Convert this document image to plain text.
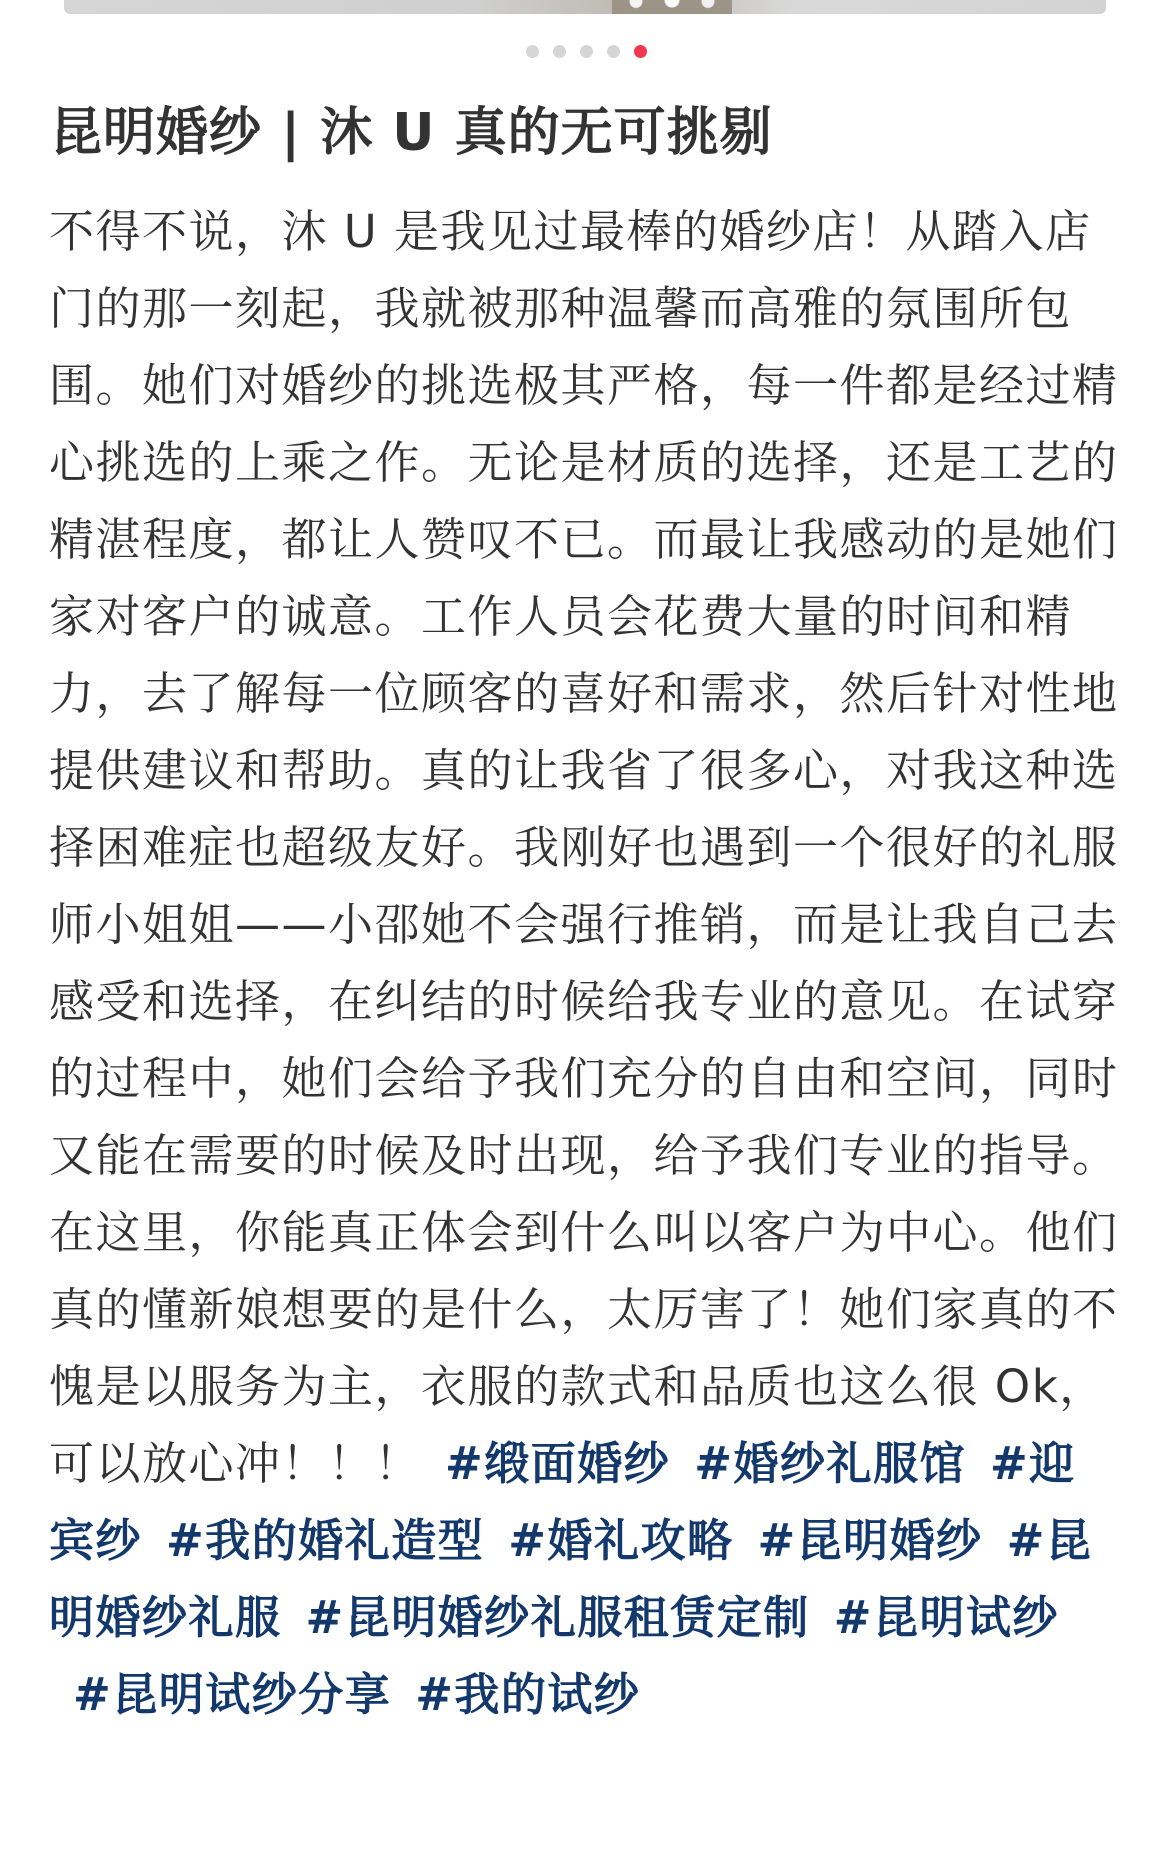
昆明婚纱 | 沐 U 真的无可挑剔

不得不说，沐 U 是我见过最棒的婚纱店！从踏入店门的那一刻起，我就被那种温馨而高雅的氛围所包围。她们对婚纱的挑选极其严格，每一件都是经过精心挑选的上乘之作。无论是材质的选择，还是工艺的精湛程度，都让人赞叹不已。而最让我感动的是她们家对客户的诚意。工作人员会花费大量的时间和精力，去了解每一位顾客的喜好和需求，然后针对性地提供建议和帮助。真的让我省了很多心，对我这种选择困难症也超级友好。我刚好也遇到一个很好的礼服师小姐姐——小邵她不会强行推销，而是让我自己去感受和选择，在纠结的时候给我专业的意见。在试穿的过程中，她们会给予我们充分的自由和空间，同时又能在需要的时候及时出现，给予我们专业的指导。在这里，你能真正体会到什么叫以客户为中心。他们真的懂新娘想要的是什么，太厉害了！她们家真的不愧是以服务为主，衣服的款式和品质也这么很 Ok，可以放心冲！！！ #缎面婚纱 #婚纱礼服馆 #迎宾纱 #我的婚礼造型 #婚礼攻略 #昆明婚纱 #昆明婚纱礼服 #昆明婚纱礼服租赁定制 #昆明试纱#昆明试纱分享 #我的试纱
